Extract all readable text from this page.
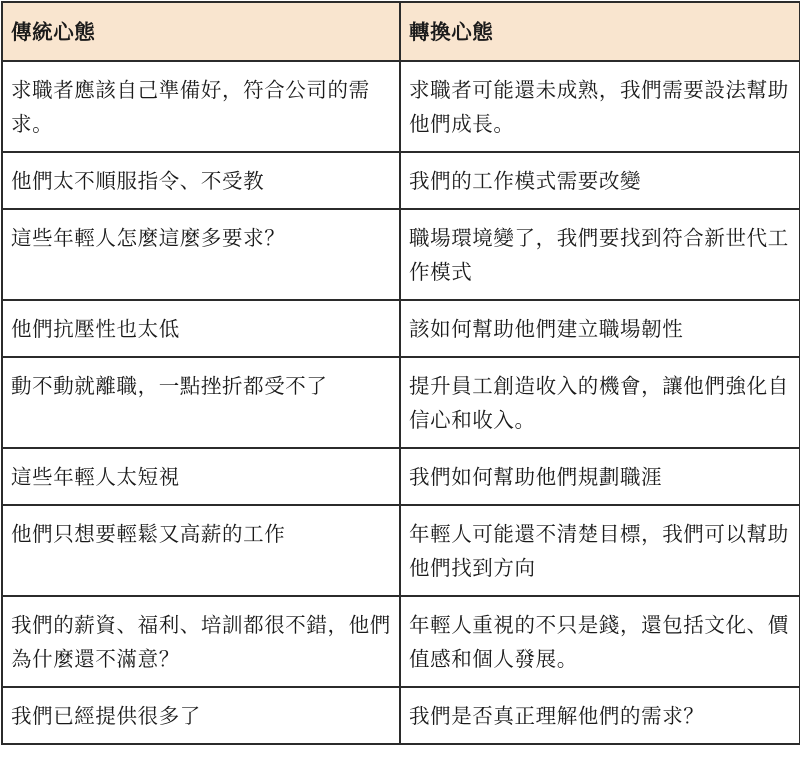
傳統心態	轉換心態
求職者應該自己準備好，符合公司的需求。	求職者可能還未成熟，我們需要設法幫助他們成長。
他們太不順服指令、不受教	我們的工作模式需要改變
這些年輕人怎麼這麼多要求？	職場環境變了，我們要找到符合新世代工作模式
他們抗壓性也太低	該如何幫助他們建立職場韌性
動不動就離職，一點挫折都受不了	提升員工創造收入的機會，讓他們強化自信心和收入。
這些年輕人太短視	我們如何幫助他們規劃職涯
他們只想要輕鬆又高薪的工作	年輕人可能還不清楚目標，我們可以幫助他們找到方向
我們的薪資、福利、培訓都很不錯，他們為什麼還不滿意？	年輕人重視的不只是錢，還包括文化、價值感和個人發展。
我們已經提供很多了	我們是否真正理解他們的需求？
